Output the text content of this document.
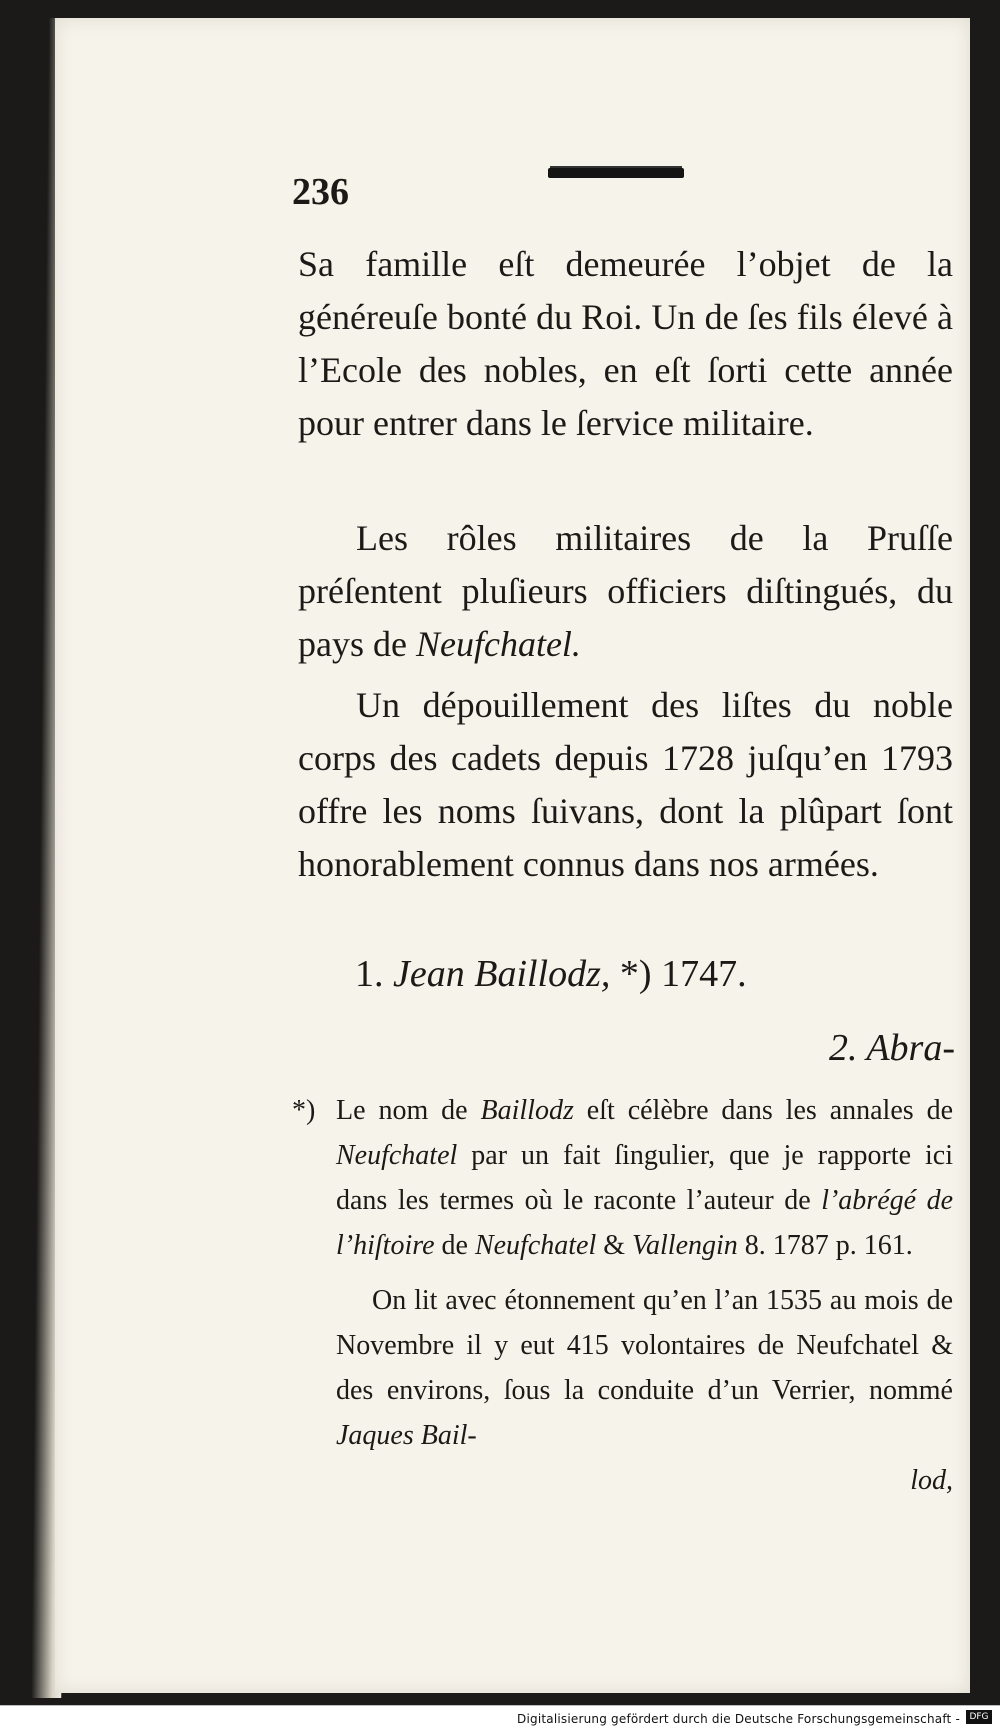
236

Sa famille eſt demeurée l’objet de la généreuſe bonté du Roi. Un de ſes fils élevé à l’Ecole des nobles, en eſt ſorti cette année pour entrer dans le ſervice militaire.

Les rôles militaires de la Pruſſe préſentent pluſieurs officiers diſtingués, du pays de Neufchatel.

Un dépouillement des liſtes du noble corps des cadets depuis 1728 juſqu’en 1793 offre les noms ſuivans, dont la plûpart ſont honorablement connus dans nos armées.

1. Jean Baillodz, *) 1747.
2. Abra-

*) Le nom de Baillodz eſt célèbre dans les annales de Neufchatel par un fait ſingulier, que je rapporte ici dans les termes où le raconte l’auteur de l’abrégé de l’hiſtoire de Neufchatel & Vallengin 8. 1787 p. 161.

On lit avec étonnement qu’en l’an 1535 au mois de Novembre il y eut 415 volontaires de Neufchatel & des environs, ſous la conduite d’un Verrier, nommé Jaques Bail-

lod,

Digitalisierung gefördert durch die Deutsche Forschungsgemeinschaft -	DFG
